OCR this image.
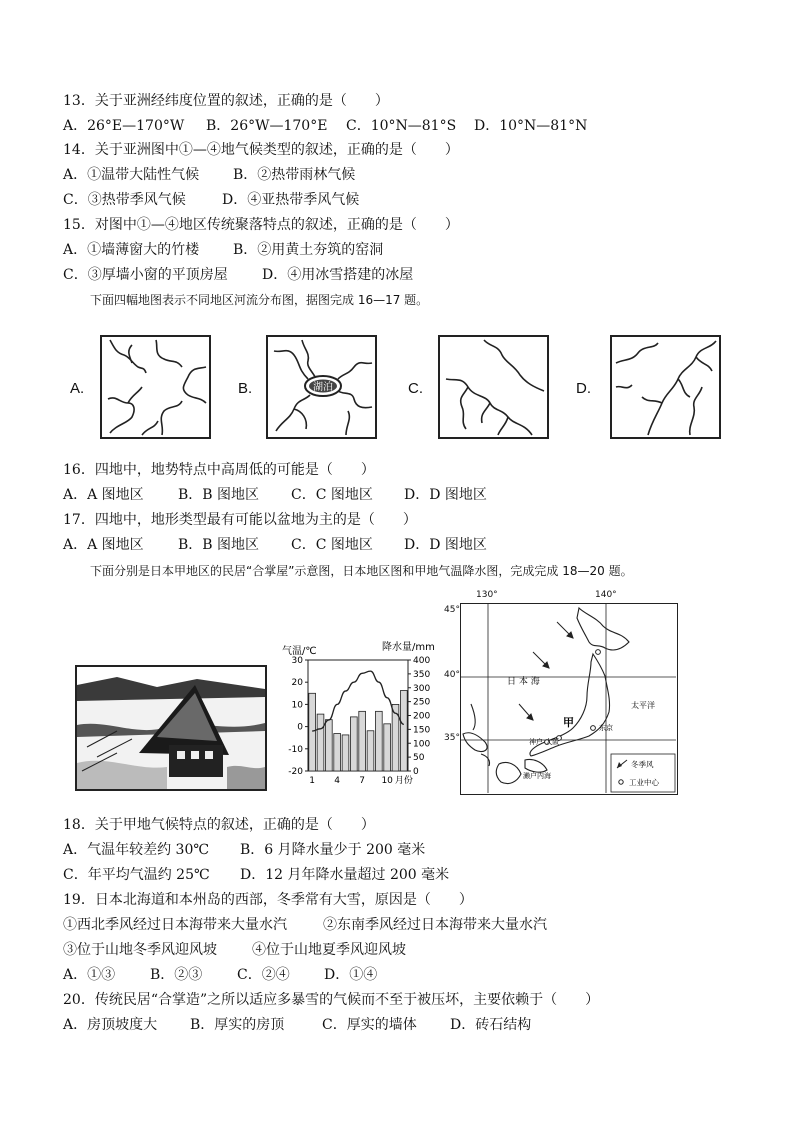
13．关于亚洲经纬度位置的叙述，正确的是（　　）
A．26°E—170°W B．26°W—170°E C．10°N—81°S D．10°N—81°N
14．关于亚洲图中①—④地气候类型的叙述，正确的是（　　）
A．①温带大陆性气候 B．②热带雨林气候
C．③热带季风气候	D．④亚热带季风气候
15．对图中①—④地区传统聚落特点的叙述，正确的是（　　）
A．①墙薄窗大的竹楼 B．②用黄土夯筑的窑洞
C．③厚墙小窗的平顶房屋 D．④用冰雪搭建的冰屋
下面四幅地图表示不同地区河流分布图，据图完成 16—17 题。
A.	B.	湖泊	C.	D.
16．四地中，地势特点中高周低的可能是（　　）
A．A 图地区 B．B 图地区 C．C 图地区 D．D 图地区
17．四地中，地形类型最有可能以盆地为主的是（　　）
A．A 图地区 B．B 图地区 C．C 图地区 D．D 图地区
下面分别是日本甲地区的民居“合掌屋”示意图，日本地区图和甲地气温降水图，完成完成 18—20 题。
气温/℃	降水量/mm
30
20
10
0
-10
-20
400
350
300
250
200
150
100
50
0
1 4 7 10 月份
日 本 海
太平洋
甲	东京
神户 大阪
濑户内海
冬季风
工业中心
130°	140°
45°
40°
35°
18．关于甲地气候特点的叙述，正确的是（　　）
A．气温年较差约 30℃ B．6 月降水量少于 200 毫米
C．年平均气温约 25℃ D．12 月年降水量超过 200 毫米
19．日本北海道和本州岛的西部，冬季常有大雪，原因是（　　）
①西北季风经过日本海带来大量水汽	②东南季风经过日本海带来大量水汽
③位于山地冬季风迎风坡	④位于山地夏季风迎风坡
A．①③ B．②③ C．②④ D．①④
20．传统民居“合掌造”之所以适应多暴雪的气候而不至于被压坏，主要依赖于（　　）
A．房顶坡度大 B．厚实的房顶	C．厚实的墙体 D．砖石结构
